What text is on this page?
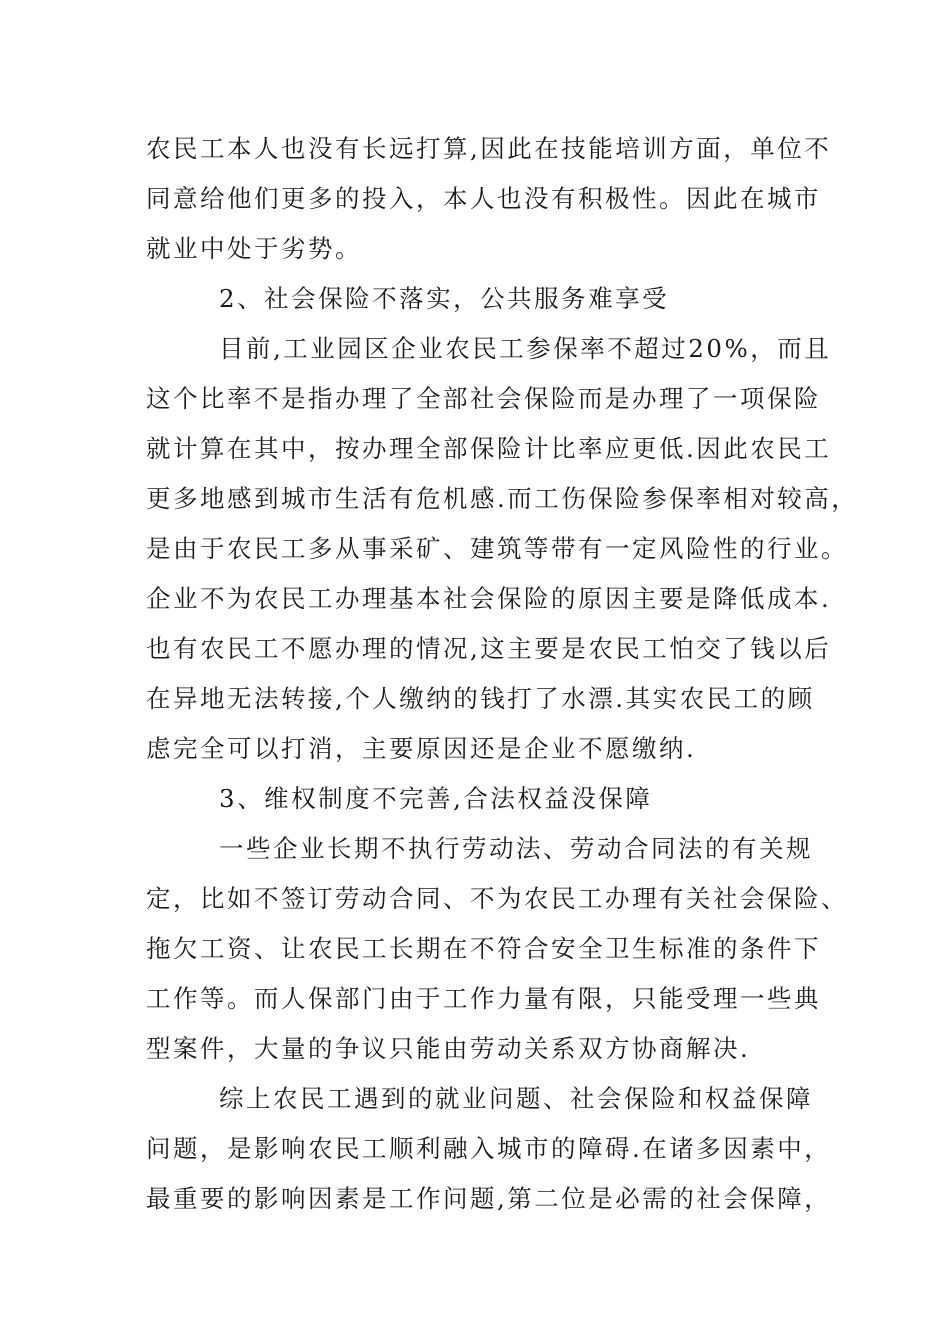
农民工本人也没有长远打算,因此在技能培训方面，单位不

同意给他们更多的投入，本人也没有积极性。因此在城市

就业中处于劣势。

2、社会保险不落实，公共服务难享受

目前,工业园区企业农民工参保率不超过20%，而且

这个比率不是指办理了全部社会保险而是办理了一项保险

就计算在其中，按办理全部保险计比率应更低.因此农民工

更多地感到城市生活有危机感.而工伤保险参保率相对较高，

是由于农民工多从事采矿、建筑等带有一定风险性的行业。

企业不为农民工办理基本社会保险的原因主要是降低成本.

也有农民工不愿办理的情况,这主要是农民工怕交了钱以后

在异地无法转接,个人缴纳的钱打了水漂.其实农民工的顾

虑完全可以打消，主要原因还是企业不愿缴纳.

3、维权制度不完善,合法权益没保障

一些企业长期不执行劳动法、劳动合同法的有关规

定，比如不签订劳动合同、不为农民工办理有关社会保险、

拖欠工资、让农民工长期在不符合安全卫生标准的条件下

工作等。而人保部门由于工作力量有限，只能受理一些典

型案件，大量的争议只能由劳动关系双方协商解决.

综上农民工遇到的就业问题、社会保险和权益保障

问题，是影响农民工顺利融入城市的障碍.在诸多因素中，

最重要的影响因素是工作问题,第二位是必需的社会保障，
